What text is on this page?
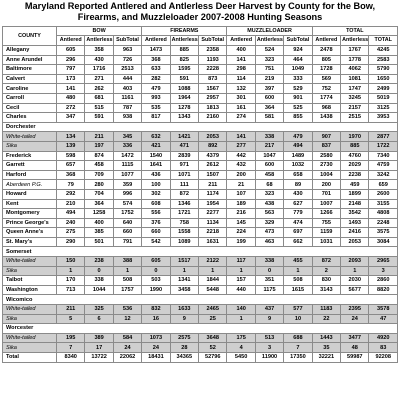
Maryland Reported Antlered and Antlerless Deer Harvest by County for the Bow,
Firearms, and Muzzleloader 2007-2008 Hunting Seasons
COUNTY	BOW			FIREARMS			MUZZLELOADER			TOTAL		
	Antlered	Antlerless	SubTotal	Antlered	Antlerless	SubTotal	Antlered	Antlerless	SubTotal	Antlered	Antlerless	TOTAL
Allegany	605	358	963	1473	885	2358	400	524	924	2478	1767	4245
Anne Arundel	296	430	726	368	825	1193	141	323	464	805	1778	2583
Baltimore	797	1716	2513	633	1595	2228	298	751	1049	1728	4062	5790
Calvert	173	271	444	282	591	873	114	219	333	569	1081	1650
Caroline	141	262	403	479	1088	1567	132	397	529	752	1747	2499
Carroll	480	681	1161	993	1964	2957	301	600	901	1774	3245	5019
Cecil	272	515	787	535	1278	1813	161	364	525	968	2157	3125
Charles	347	591	938	817	1343	2160	274	581	855	1438	2515	3953
Dorchester												
White-tailed	134	211	345	632	1421	2053	141	338	479	907	1970	2877
Sika	139	197	336	421	471	892	277	217	494	837	885	1722
Frederick	598	874	1472	1540	2839	4379	442	1047	1489	2580	4760	7340
Garrett	657	458	1115	1641	971	2612	432	600	1032	2730	2029	4759
Harford	368	709	1077	436	1071	1507	200	458	658	1004	2238	3242
Aberdeen P.G.	79	280	359	100	111	211	21	68	89	200	459	659
Howard	292	704	996	302	872	1174	107	323	430	701	1899	2600
Kent	210	364	574	608	1346	1954	189	438	627	1007	2148	3155
Montgomery	494	1258	1752	556	1721	2277	216	563	779	1266	3542	4808
Prince George's	240	400	640	376	758	1134	145	329	474	755	1493	2248
Queen Anne's	275	385	660	660	1558	2218	224	473	697	1159	2416	3575
St. Mary's	290	501	791	542	1089	1631	199	463	662	1031	2053	3084
Somerset												
White-tailed	150	238	388	605	1517	2122	117	338	455	872	2093	2965
Sika	1	0	1	0	1	1	1	0	1	2	1	3
Talbot	170	338	508	503	1341	1844	157	351	508	830	2030	2860
Washington	713	1044	1757	1990	3458	5448	440	1175	1615	3143	5677	8820
Wicomico												
White-tailed	211	325	536	832	1633	2465	140	437	577	1183	2395	3578
Sika	5	6	12	16	9	25	1	9	10	22	24	47
Worcester												
White-tailed	195	389	584	1073	2575	3648	175	513	688	1443	3477	4920
Sika	7	17	24	24	28	52	4	3	7	35	48	83
Total	8340	13722	22062	18431	34365	52796	5450	11900	17350	32221	59987	92208
